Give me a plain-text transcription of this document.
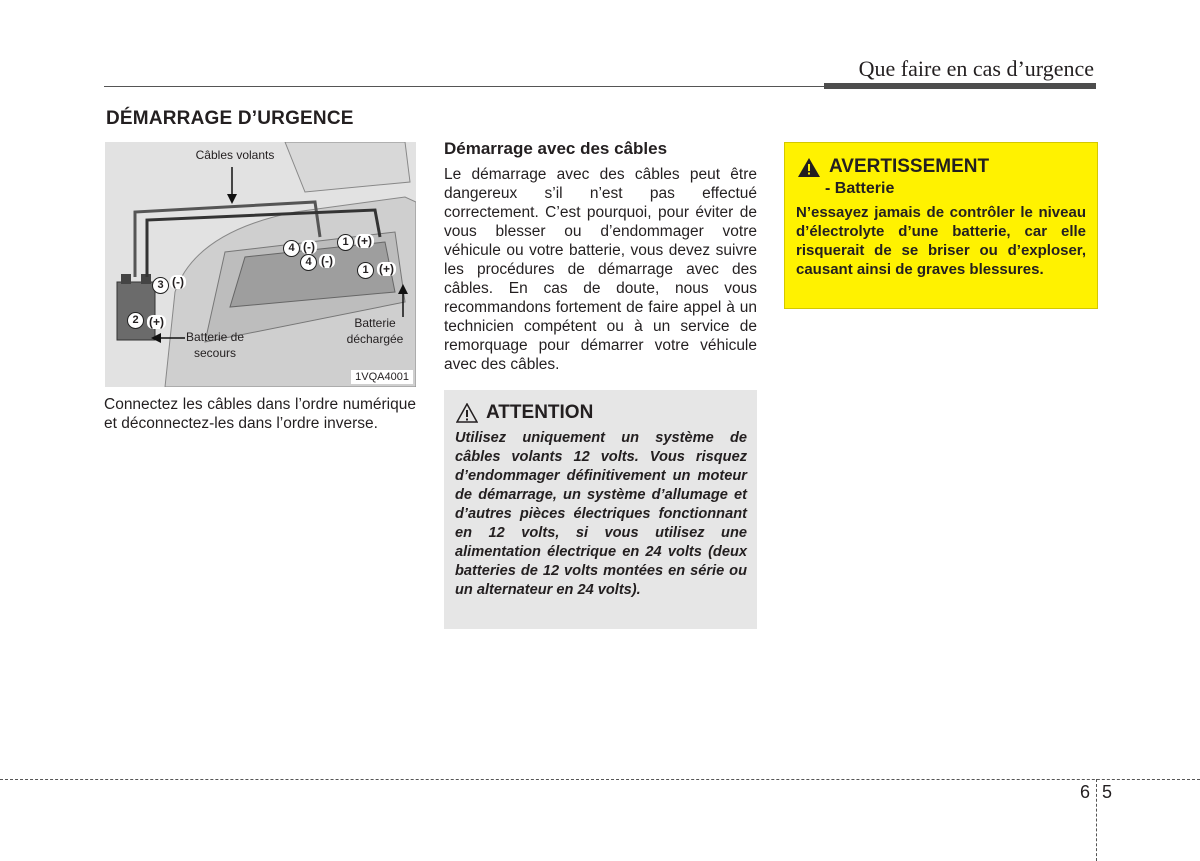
Que faire en cas d’urgence
DÉMARRAGE D’URGENCE
Câbles volants
Batterie de
secours
Batterie
déchargée
1 (+)
1 (+)
2 (+)
3 (-)
4 (-)
4 (-)
1VQA4001
Connectez les câbles dans l’ordre numérique et déconnectez-les dans l’ordre inverse.
Démarrage avec des câbles
Le démarrage avec des câbles peut être dangereux s’il n’est pas effectué correctement. C’est pourquoi, pour éviter de vous blesser ou d’endommager votre véhicule ou votre batterie, vous devez suivre les procédures de démarrage avec des câbles. En cas de doute, nous vous recommandons fortement de faire appel à un technicien compétent ou à un service de remorquage pour démarrer votre véhicule avec des câbles.
ATTENTION
Utilisez uniquement un système de câbles volants 12 volts. Vous risquez d’endommager définitivement un moteur de démarrage, un système d’allumage et d’autres pièces électriques fonctionnant en 12 volts, si vous utilisez une alimentation électrique en 24 volts (deux batteries de 12 volts montées en série ou un alternateur en 24 volts).
AVERTISSEMENT
- Batterie
N’essayez jamais de contrôler le niveau d’électrolyte d’une batterie, car elle risquerait de se briser ou d’exploser, causant ainsi de graves blessures.
6 5
